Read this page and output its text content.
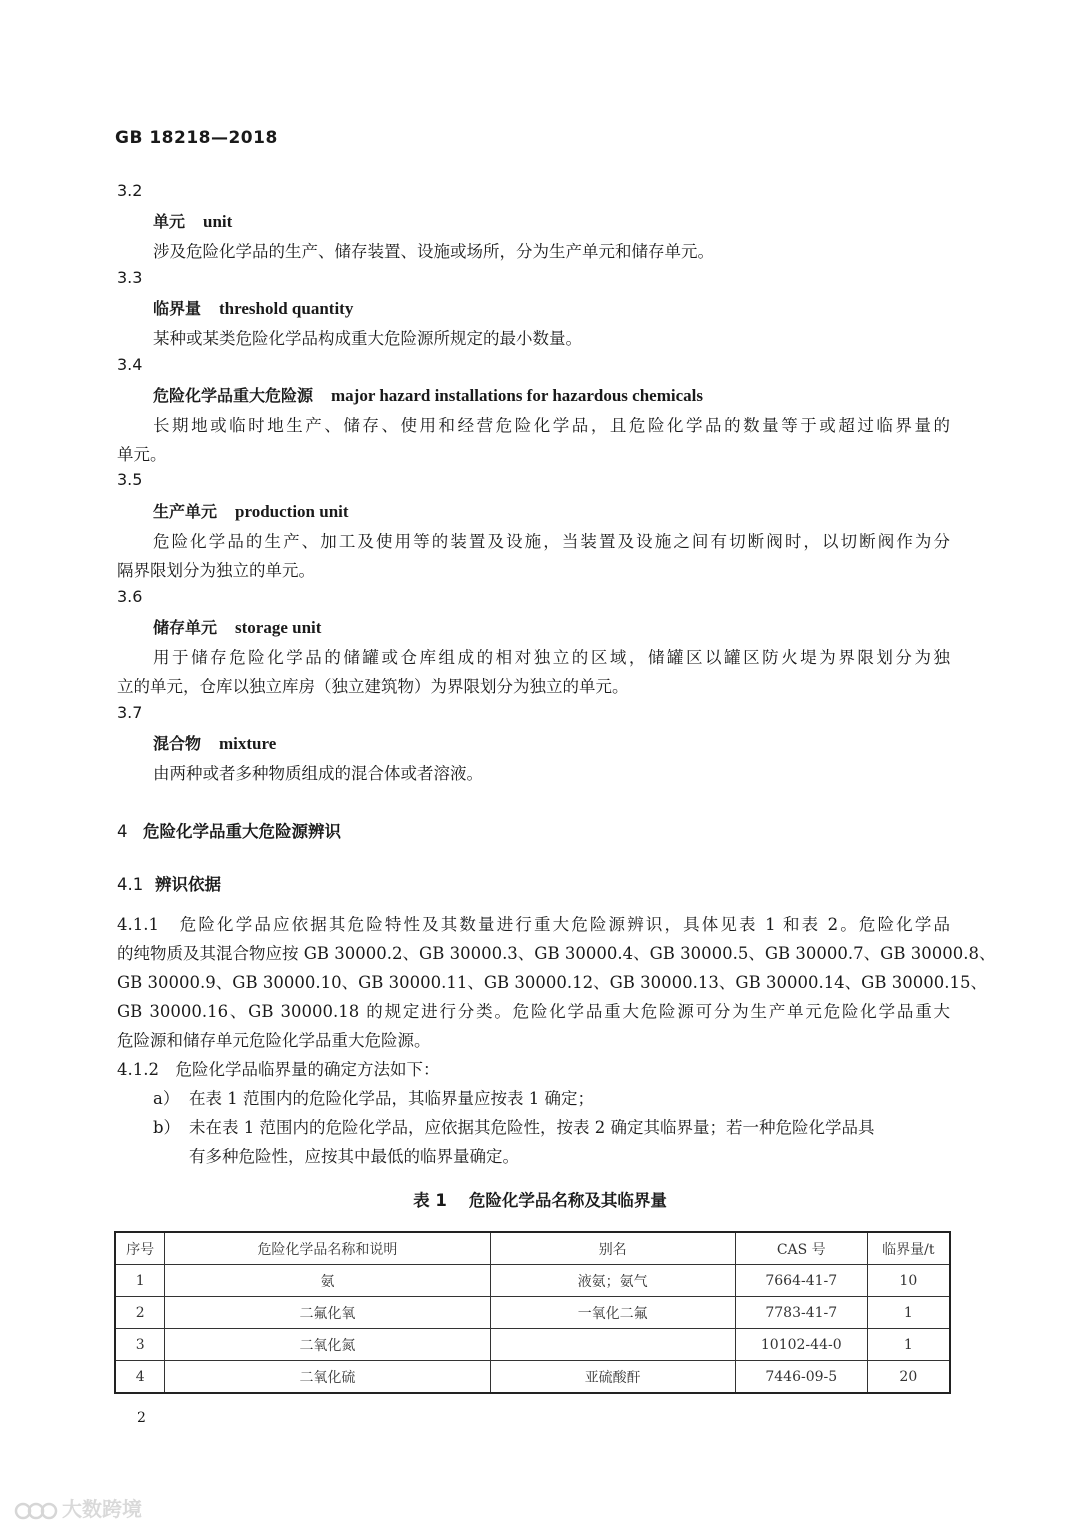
GB 18218—2018
3.2
单元 unit
涉及危险化学品的生产、储存装置、设施或场所，分为生产单元和储存单元。
3.3
临界量 threshold quantity
某种或某类危险化学品构成重大危险源所规定的最小数量。
3.4
危险化学品重大危险源 major hazard installations for hazardous chemicals
长期地或临时地生产、储存、使用和经营危险化学品，且危险化学品的数量等于或超过临界量的
单元。
3.5
生产单元 production unit
危险化学品的生产、加工及使用等的装置及设施，当装置及设施之间有切断阀时，以切断阀作为分
隔界限划分为独立的单元。
3.6
储存单元 storage unit
用于储存危险化学品的储罐或仓库组成的相对独立的区域，储罐区以罐区防火堤为界限划分为独
立的单元，仓库以独立库房（独立建筑物）为界限划分为独立的单元。
3.7
混合物 mixture
由两种或者多种物质组成的混合体或者溶液。
4 危险化学品重大危险源辨识
4.1 辨识依据
4.1.1　危险化学品应依据其危险特性及其数量进行重大危险源辨识，具体见表 1 和表 2。危险化学品
的纯物质及其混合物应按 GB 30000.2、GB 30000.3、GB 30000.4、GB 30000.5、GB 30000.7、GB 30000.8、
GB 30000.9、GB 30000.10、GB 30000.11、GB 30000.12、GB 30000.13、GB 30000.14、GB 30000.15、
GB 30000.16、GB 30000.18 的规定进行分类。危险化学品重大危险源可分为生产单元危险化学品重大
危险源和储存单元危险化学品重大危险源。
4.1.2　危险化学品临界量的确定方法如下：
a） 在表 1 范围内的危险化学品，其临界量应按表 1 确定；
b） 未在表 1 范围内的危险化学品，应依据其危险性，按表 2 确定其临界量；若一种危险化学品具
有多种危险性，应按其中最低的临界量确定。
表 1 危险化学品名称及其临界量
序号	危险化学品名称和说明	别名	CAS 号	临界量/t
1	氨	液氨；氨气	7664-41-7	10
2	二氟化氧	一氧化二氟	7783-41-7	1
3	二氧化氮		10102-44-0	1
4	二氧化硫	亚硫酸酐	7446-09-5	20
2
大数跨境
